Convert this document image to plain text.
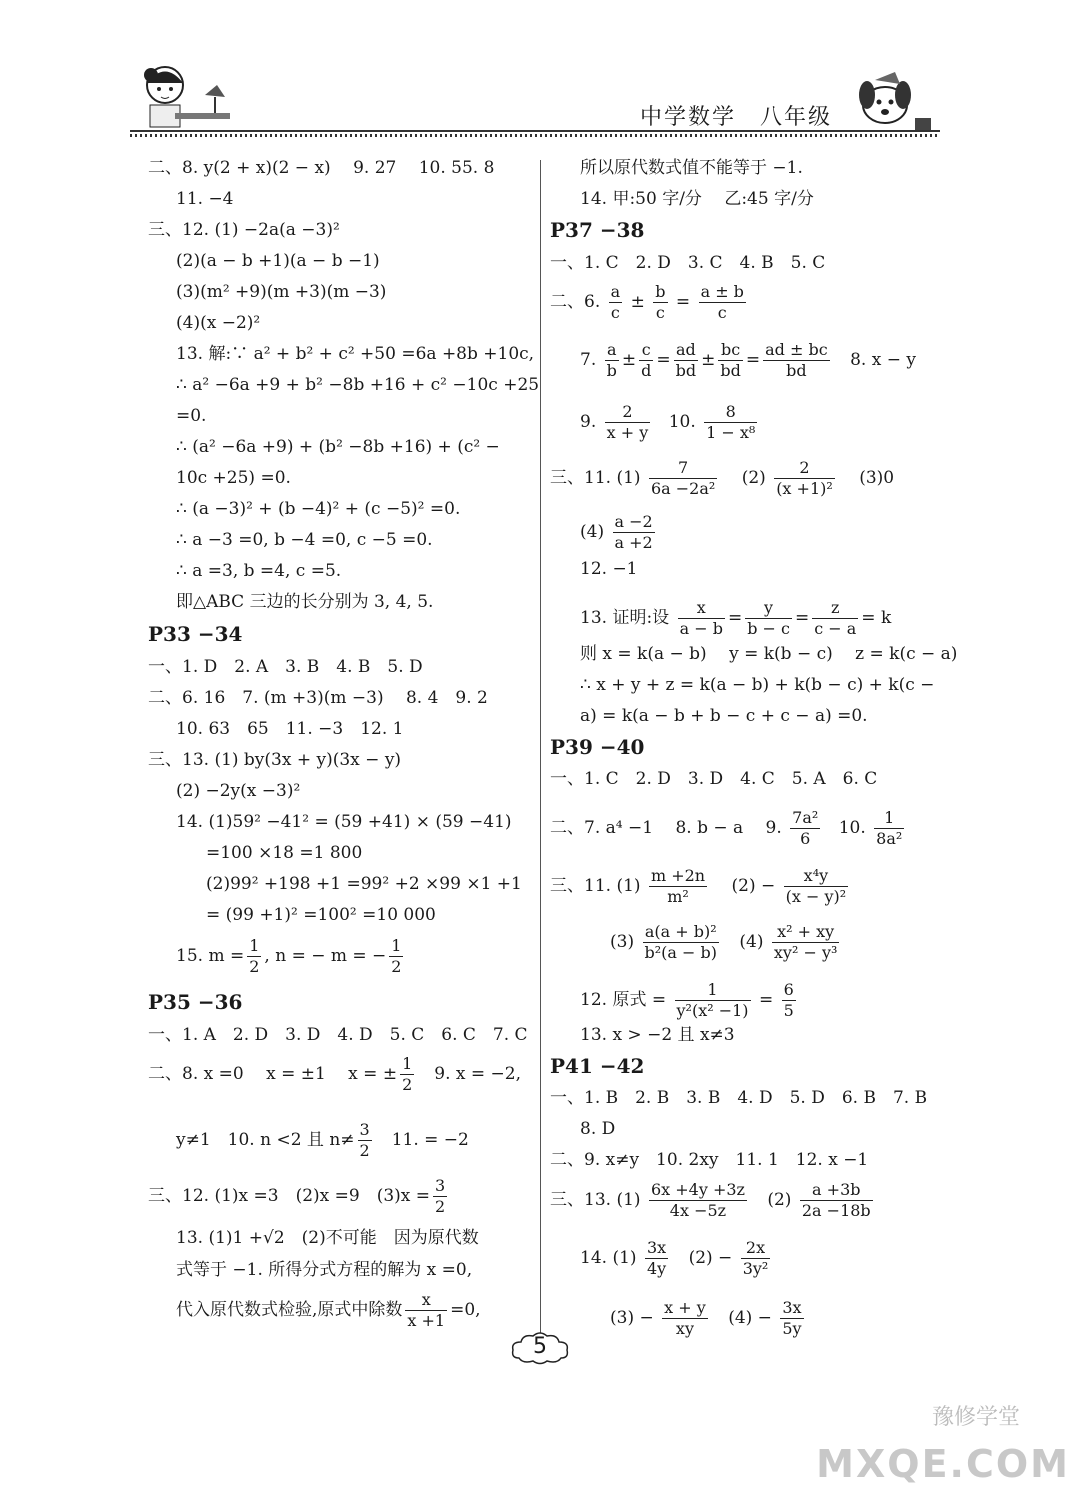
中学数学　八年级
二、8. y(2 + x)(2 − x)　 9. 27　 10. 55. 8
11. −4
三、12. (1) −2a(a −3)²
(2)(a − b +1)(a − b −1)
(3)(m² +9)(m +3)(m −3)
(4)(x −2)²
13. 解:∵ a² + b² + c² +50 =6a +8b +10c,
∴ a² −6a +9 + b² −8b +16 + c² −10c +25
=0.
∴ (a² −6a +9) + (b² −8b +16) + (c² −
10c +25) =0.
∴ (a −3)² + (b −4)² + (c −5)² =0.
∴ a −3 =0, b −4 =0, c −5 =0.
∴ a =3, b =4, c =5.
即△ABC 三边的长分别为 3, 4, 5.
P33 −34
一、1. D　2. A　3. B　4. B　5. D
二、6. 16　7. (m +3)(m −3)　 8. 4　9. 2
10. 63　65　11. −3　12. 1
三、13. (1) by(3x + y)(3x − y)
(2) −2y(x −3)²
14. (1)59² −41² = (59 +41) × (59 −41)
=100 ×18 =1 800
(2)99² +198 +1 =99² +2 ×99 ×1 +1
= (99 +1)² =100² =10 000
15. $m = \frac{1}{2}$ , n = − m = − $\frac{1}{2}$
P35 −36
一、1. A　2. D　3. D　4. D　5. C　6. C　7. C
二、8. x =0　 x = ±1　 x = ± $\frac{1}{2}$ 　9. x = −2,
y≠1　10. n <2 且 $n\ne \frac{3}{2}$ 　11. = −2
三、12. (1)x =3　(2)x =9　$(3)x = \frac{3}{2}$
13. (1)1 +√2　(2)不可能　因为原代数
式等于 −1. 所得分式方程的解为 x =0,
代入原代数式检验,原式中除数 $\frac{x}{x +1} =0$,
所以原代数式值不能等于 −1.
14. 甲:50 字/分　 乙:45 字/分
P37 −38
一、1. C　2. D　3. C　4. B　5. C
二、6. $\frac{a}{c} \pm \frac{b}{c} = \frac{a \pm b}{c}$
7. $\frac{a}{b} \pm \frac{c}{d} = \frac{ad}{bd} \pm \frac{bc}{bd} = \frac{ad \pm bc}{bd} 8$. x − y
9. $\frac{2}{x + y} 10$. $\frac{8}{\text{1 − x⁸}}$
三、11. $(1) \frac{7}{\text{6a −2a²}} (2) \frac{2}{\text{(x +1)²}} (3)0$
$(4) \frac{a -2}{a +2}$
12. −1
13. 证明:设 $\frac{x}{a - b} = \frac{y}{b - c} = \frac{z}{c - a} = k$
则 x = k(a − b)　 y = k(b − c)　 z = k(c − a)
∴ x + y + z = k(a − b) + k(b − c) + k(c −
a) = k(a − b + b − c + c − a) =0.
P39 −40
一、1. C　2. D　3. D　4. C　5. A　6. C
二、7. a⁴ −1　 8. b − a　 9. $\frac{\text{7a²}}{6} 10$. $\frac{1}{\text{8a²}}$
三、11. $(1) \frac{m +2n}{\text{m²}} (2) - \frac{\text{x⁴y}}{\text{(x − y)²}}$
$(3) \frac{\text{a(a + b)²}}{\text{b²(a − b)}} (4) \frac{\text{x² + xy}}{\text{xy² − y³}}$
12. 原式 = $\frac{1}{\text{y²(x² −1)}} = \frac{6}{5}$
13. x > −2 且 x≠3
P41 −42
一、1. B　2. B　3. B　4. D　5. D　6. B　7. B
8. D
二、9. x≠y　10. 2xy　11. 1　12. x −1
三、13. $(1) \frac{6x +4y +3z}{4x -5z} (2) \frac{a +3b}{2a -18b}$
14. $(1) \frac{3x}{4y} (2) - \frac{2x}{\text{3y²}}$
$(3) - \frac{x + y}{xy} (4) - \frac{3x}{5y}$
5
豫修学堂
MXQE.COM
